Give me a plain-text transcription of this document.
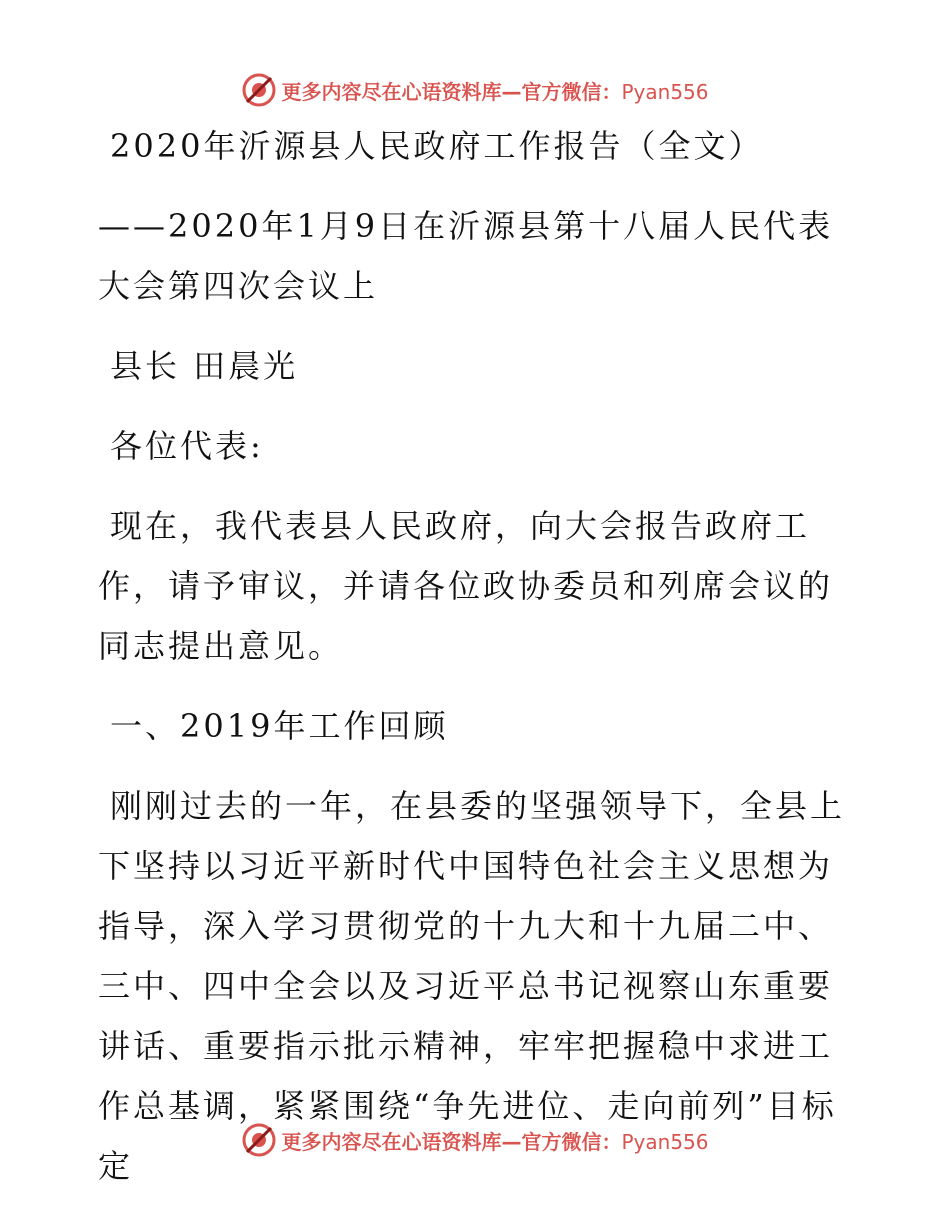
更多内容尽在心语资料库—官方微信：Pyan556

2020年沂源县人民政府工作报告（全文）

——2020年1月9日在沂源县第十八届人民代表大会第四次会议上

县长 田晨光

各位代表:

现在，我代表县人民政府，向大会报告政府工作，请予审议，并请各位政协委员和列席会议的同志提出意见。

一、2019年工作回顾

刚刚过去的一年，在县委的坚强领导下，全县上下坚持以习近平新时代中国特色社会主义思想为指导，深入学习贯彻党的十九大和十九届二中、三中、四中全会以及习近平总书记视察山东重要讲话、重要指示批示精神，牢牢把握稳中求进工作总基调，紧紧围绕“争先进位、走向前列”目标定

更多内容尽在心语资料库—官方微信：Pyan556
